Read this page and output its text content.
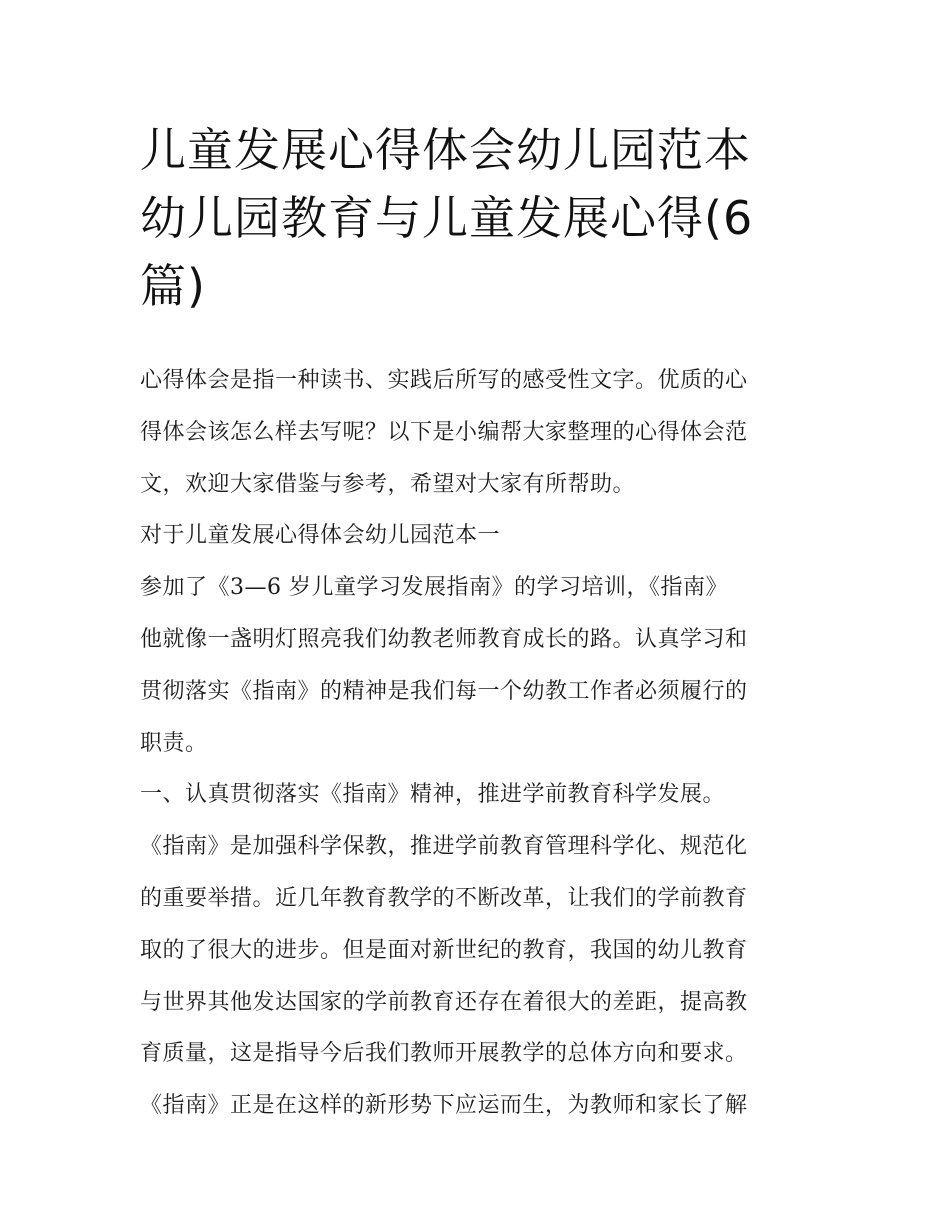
儿童发展心得体会幼儿园范本
幼儿园教育与儿童发展心得(6
篇)

心得体会是指一种读书、实践后所写的感受性文字。优质的心
得体会该怎么样去写呢？以下是小编帮大家整理的心得体会范
文，欢迎大家借鉴与参考，希望对大家有所帮助。

对于儿童发展心得体会幼儿园范本一

参加了《3—6 岁儿童学习发展指南》的学习培训，《指南》
他就像一盏明灯照亮我们幼教老师教育成长的路。认真学习和
贯彻落实《指南》的精神是我们每一个幼教工作者必须履行的
职责。

一、认真贯彻落实《指南》精神，推进学前教育科学发展。

《指南》是加强科学保教，推进学前教育管理科学化、规范化
的重要举措。近几年教育教学的不断改革，让我们的学前教育
取的了很大的进步。但是面对新世纪的教育，我国的幼儿教育
与世界其他发达国家的学前教育还存在着很大的差距，提高教
育质量，这是指导今后我们教师开展教学的总体方向和要求。
《指南》正是在这样的新形势下应运而生，为教师和家长了解
